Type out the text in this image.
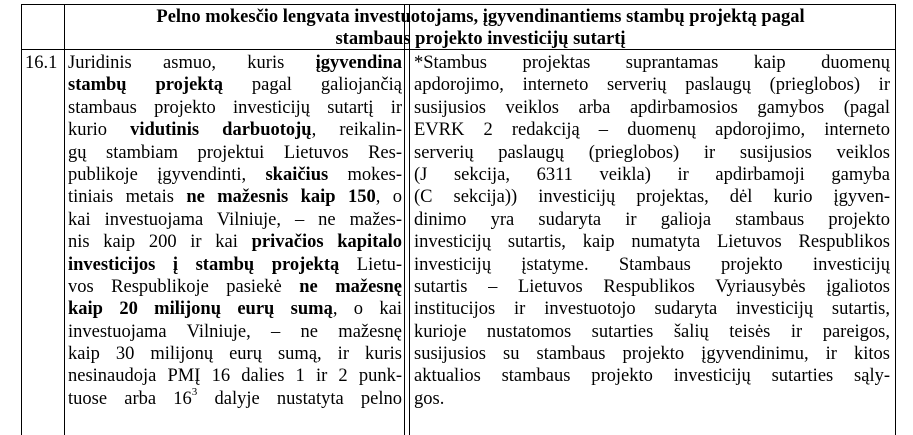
Pelno mokesčio lengvata investuotojams, įgyvendinantiems stambų projektą pagal
stambaus projekto investicijų sutartį
16.1 Juridinis asmuo, kuris įgyvendina
stambų projektą pagal galiojančią
stambaus projekto investicijų sutartį ir
kurio vidutinis darbuotojų, reikalin-
gų stambiam projektui Lietuvos Res-
publikoje įgyvendinti, skaičius mokes-
tiniais metais ne mažesnis kaip 150, o
kai investuojama Vilniuje, – ne mažes-
nis kaip 200 ir kai privačios kapitalo
investicijos į stambų projektą Lietu-
vos Respublikoje pasiekė ne mažesnę
kaip 20 milijonų eurų sumą, o kai
investuojama Vilniuje, – ne mažesnę
kaip 30 milijonų eurų sumą, ir kuris
nesinaudoja PMĮ 16 dalies 1 ir 2 punk-
tuose arba $16^3$ dalyje nustatyta pelno
*Stambus projektas suprantamas kaip duomenų
apdorojimo, interneto serverių paslaugų (prieglobos) ir
susijusios veiklos arba apdirbamosios gamybos (pagal
EVRK 2 redakciją – duomenų apdorojimo, interneto
serverių paslaugų (prieglobos) ir susijusios veiklos
(J sekcija, 6311 veikla) ir apdirbamoji gamyba
(C sekcija)) investicijų projektas, dėl kurio įgyven-
dinimo yra sudaryta ir galioja stambaus projekto
investicijų sutartis, kaip numatyta Lietuvos Respublikos
investicijų įstatyme. Stambaus projekto investicijų
sutartis – Lietuvos Respublikos Vyriausybės įgaliotos
institucijos ir investuotojo sudaryta investicijų sutartis,
kurioje nustatomos sutarties šalių teisės ir pareigos,
susijusios su stambaus projekto įgyvendinimu, ir kitos
aktualios stambaus projekto investicijų sutarties sąly-
gos.
